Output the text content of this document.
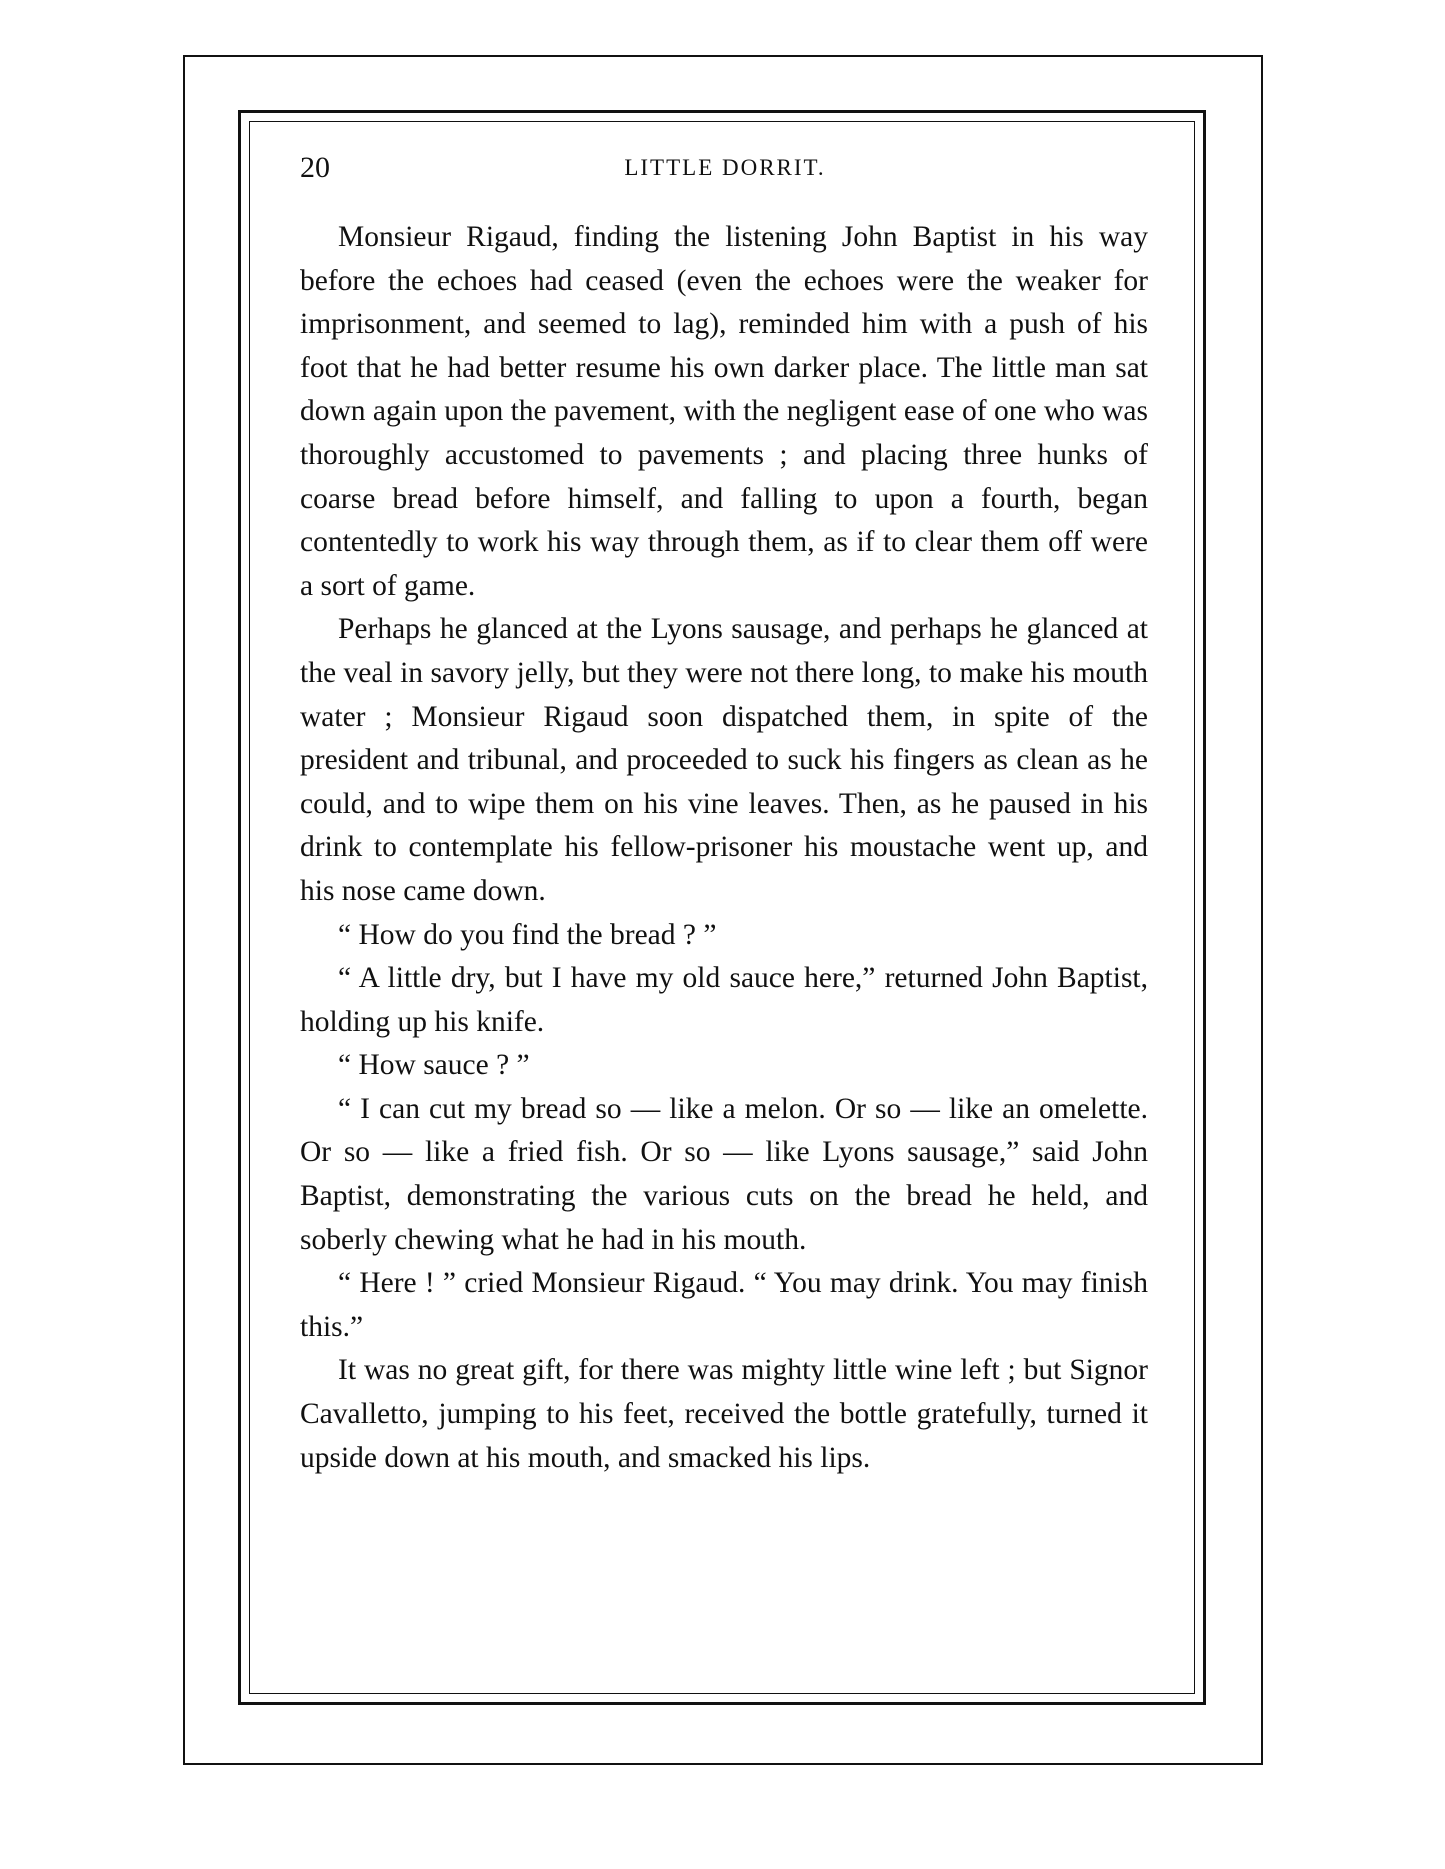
20	LITTLE DORRIT.

Monsieur Rigaud, finding the listening John Baptist in his way before the echoes had ceased (even the echoes were the weaker for imprisonment, and seemed to lag), reminded him with a push of his foot that he had better resume his own darker place. The little man sat down again upon the pavement, with the negligent ease of one who was thoroughly accustomed to pavements ; and placing three hunks of coarse bread before himself, and falling to upon a fourth, began contentedly to work his way through them, as if to clear them off were a sort of game.

Perhaps he glanced at the Lyons sausage, and perhaps he glanced at the veal in savory jelly, but they were not there long, to make his mouth water ; Monsieur Rigaud soon dispatched them, in spite of the president and tribunal, and proceeded to suck his fingers as clean as he could, and to wipe them on his vine leaves. Then, as he paused in his drink to contemplate his fellow-prisoner his moustache went up, and his nose came down.

“ How do you find the bread ? ”

“ A little dry, but I have my old sauce here,” returned John Baptist, holding up his knife.

“ How sauce ? ”

“ I can cut my bread so — like a melon. Or so — like an omelette. Or so — like a fried fish. Or so — like Lyons sausage,” said John Baptist, demonstrating the various cuts on the bread he held, and soberly chewing what he had in his mouth.

“ Here ! ” cried Monsieur Rigaud. “ You may drink. You may finish this.”

It was no great gift, for there was mighty little wine left ; but Signor Cavalletto, jumping to his feet, received the bottle gratefully, turned it upside down at his mouth, and smacked his lips.
